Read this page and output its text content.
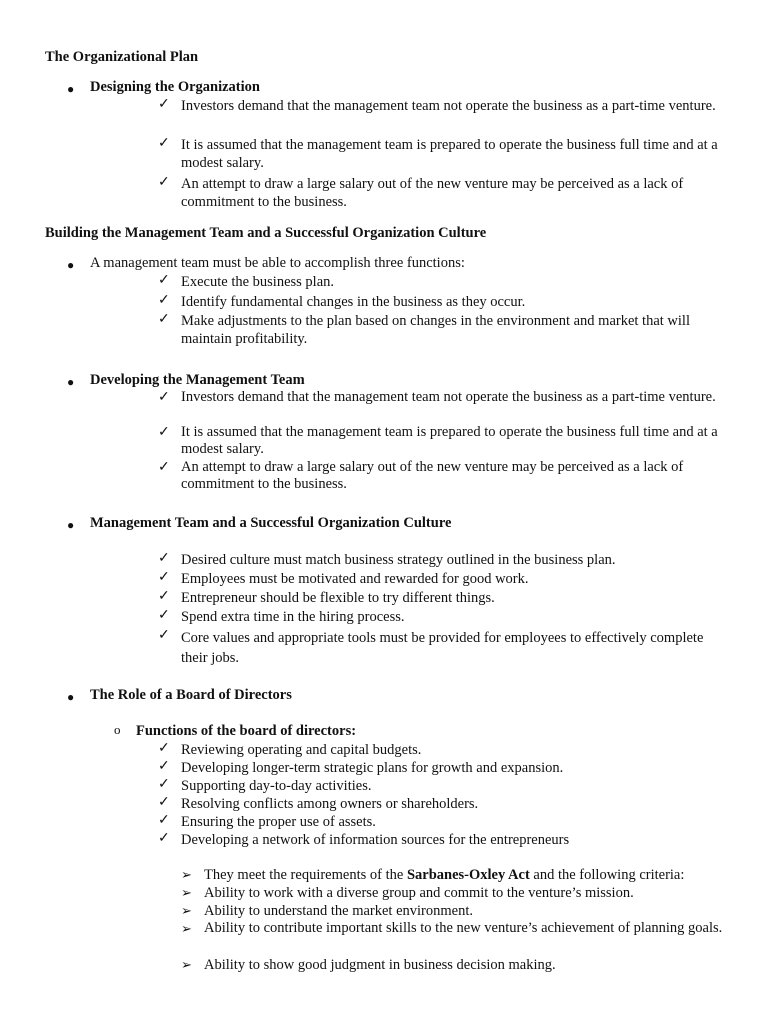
The Organizational Plan
● Designing the Organization
✓ Investors demand that the management team not operate the business as a part-time venture.
✓ It is assumed that the management team is prepared to operate the business full time and at a modest salary.
✓ An attempt to draw a large salary out of the new venture may be perceived as a lack of commitment to the business.
Building the Management Team and a Successful Organization Culture
● A management team must be able to accomplish three functions:
✓ Execute the business plan.
✓ Identify fundamental changes in the business as they occur.
✓ Make adjustments to the plan based on changes in the environment and market that will maintain profitability.
● Developing the Management Team
✓ Investors demand that the management team not operate the business as a part-time venture.
✓ It is assumed that the management team is prepared to operate the business full time and at a modest salary.
✓ An attempt to draw a large salary out of the new venture may be perceived as a lack of commitment to the business.
● Management Team and a Successful Organization Culture
✓ Desired culture must match business strategy outlined in the business plan.
✓ Employees must be motivated and rewarded for good work.
✓ Entrepreneur should be flexible to try different things.
✓ Spend extra time in the hiring process.
✓ Core values and appropriate tools must be provided for employees to effectively complete their jobs.
● The Role of a Board of Directors
o Functions of the board of directors:
✓ Reviewing operating and capital budgets.
✓ Developing longer-term strategic plans for growth and expansion.
✓ Supporting day-to-day activities.
✓ Resolving conflicts among owners or shareholders.
✓ Ensuring the proper use of assets.
✓ Developing a network of information sources for the entrepreneurs
➢ They meet the requirements of the Sarbanes-Oxley Act and the following criteria:
➢ Ability to work with a diverse group and commit to the venture’s mission.
➢ Ability to understand the market environment.
➢ Ability to contribute important skills to the new venture’s achievement of planning goals.
➢ Ability to show good judgment in business decision making.
